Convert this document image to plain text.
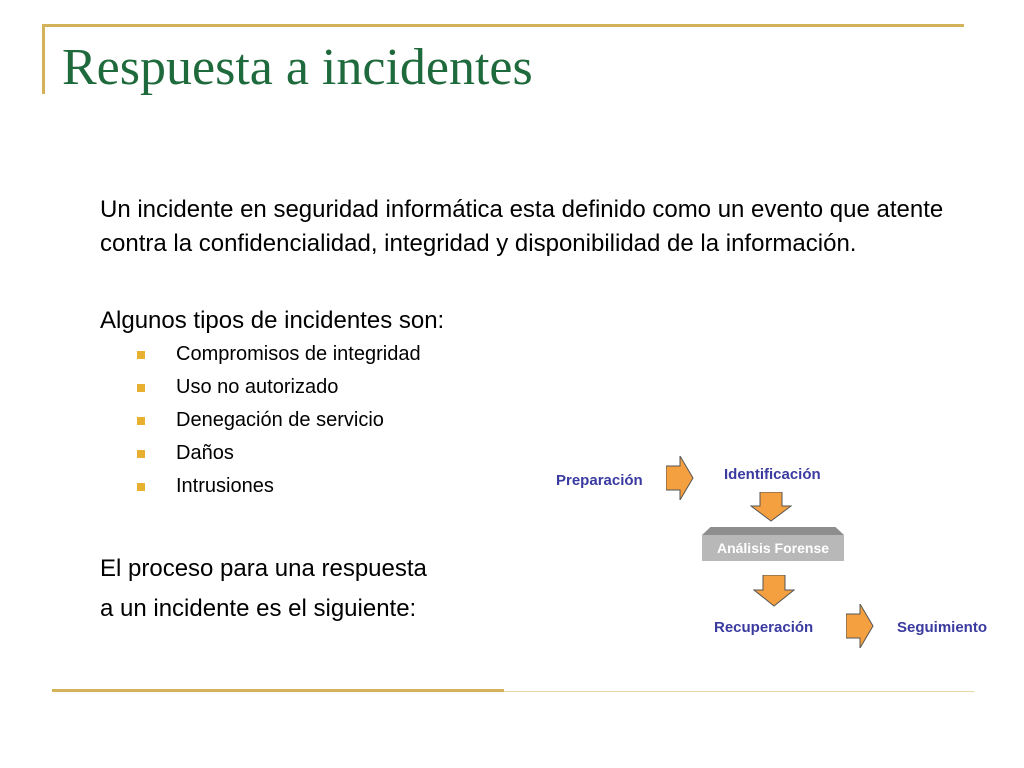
Respuesta a incidentes

Un incidente en seguridad informática esta definido como un evento que atente contra la confidencialidad, integridad y disponibilidad de la información.

Algunos tipos de incidentes son:

Compromisos de integridad
Uso no autorizado
Denegación de servicio
Daños
Intrusiones
El proceso para una respuesta
a un incidente es el siguiente:
Preparación	Identificación
Análisis Forense
Recuperación	Seguimiento
